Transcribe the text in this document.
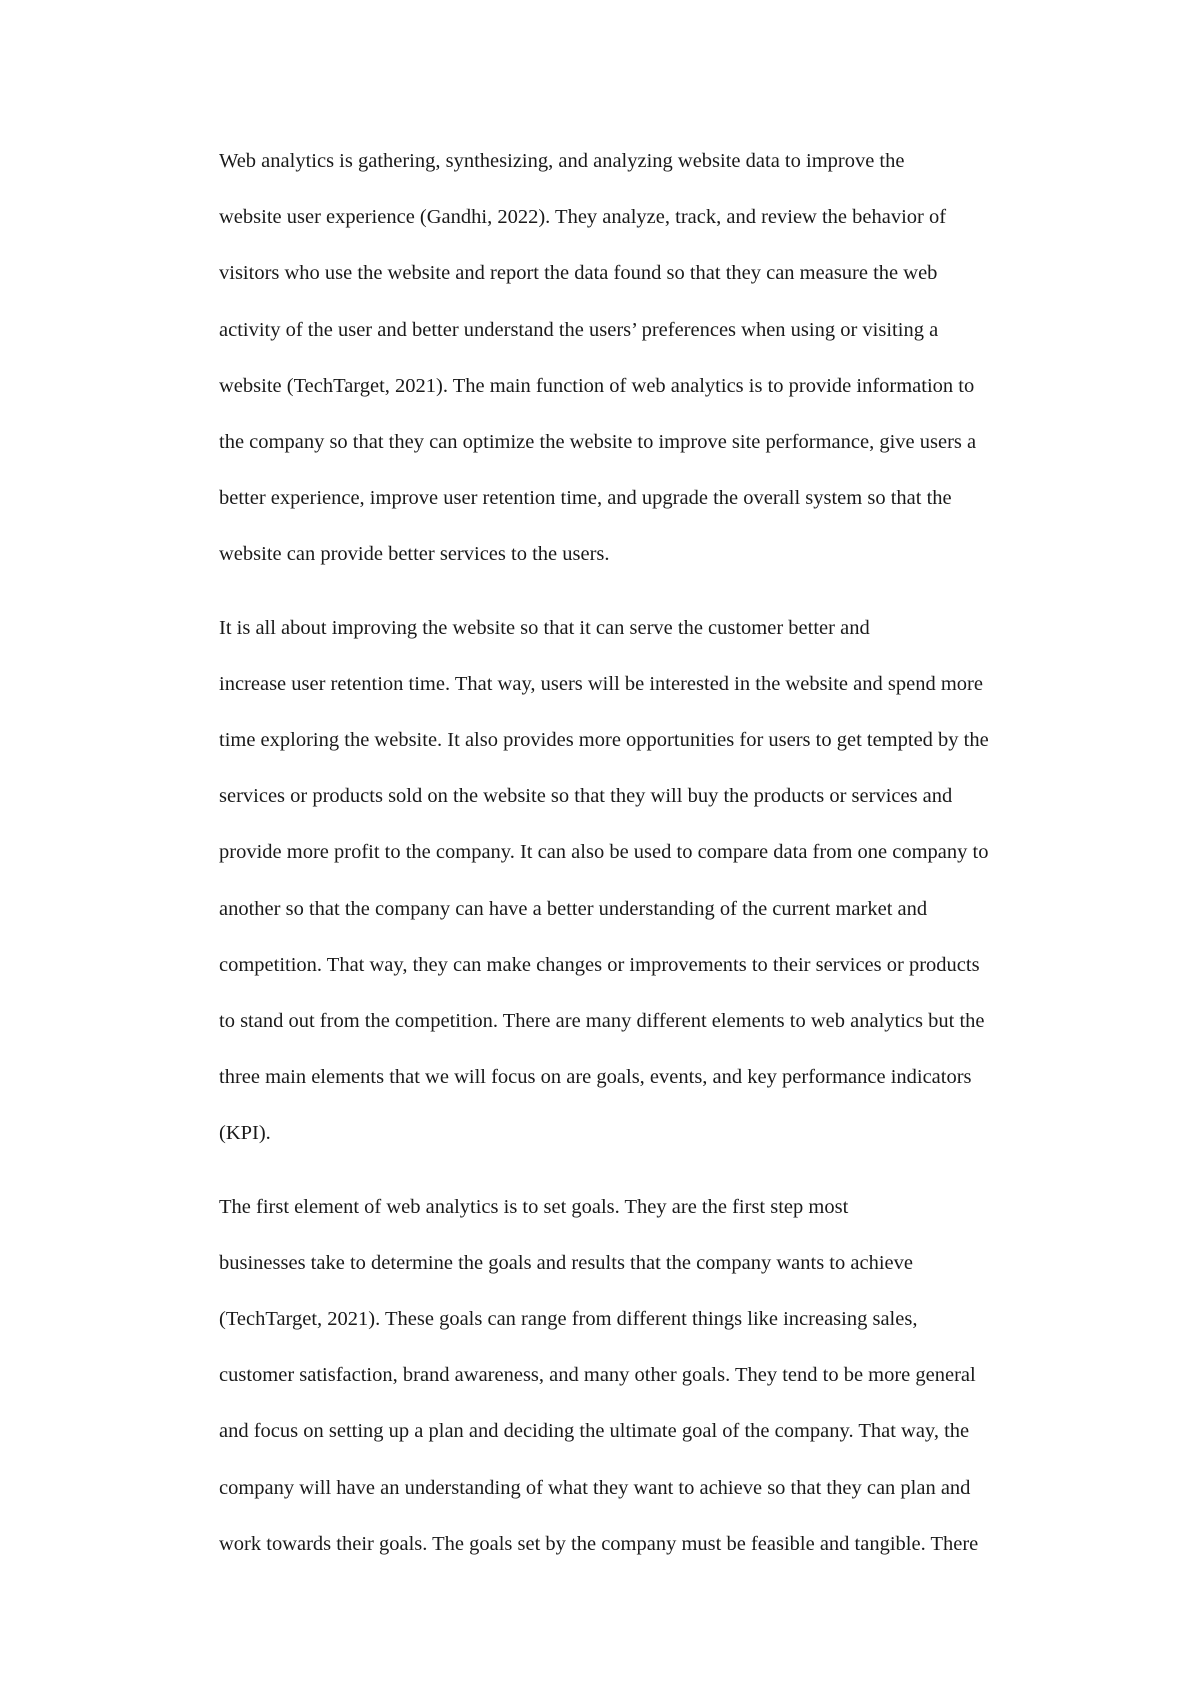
Web analytics is gathering, synthesizing, and analyzing website data to improve the
website user experience (Gandhi, 2022). They analyze, track, and review the behavior of
visitors who use the website and report the data found so that they can measure the web
activity of the user and better understand the users’ preferences when using or visiting a
website (TechTarget, 2021). The main function of web analytics is to provide information to
the company so that they can optimize the website to improve site performance, give users a
better experience, improve user retention time, and upgrade the overall system so that the
website can provide better services to the users.

It is all about improving the website so that it can serve the customer better and
increase user retention time. That way, users will be interested in the website and spend more
time exploring the website. It also provides more opportunities for users to get tempted by the
services or products sold on the website so that they will buy the products or services and
provide more profit to the company. It can also be used to compare data from one company to
another so that the company can have a better understanding of the current market and
competition. That way, they can make changes or improvements to their services or products
to stand out from the competition. There are many different elements to web analytics but the
three main elements that we will focus on are goals, events, and key performance indicators
(KPI).

The first element of web analytics is to set goals. They are the first step most
businesses take to determine the goals and results that the company wants to achieve
(TechTarget, 2021). These goals can range from different things like increasing sales,
customer satisfaction, brand awareness, and many other goals. They tend to be more general
and focus on setting up a plan and deciding the ultimate goal of the company. That way, the
company will have an understanding of what they want to achieve so that they can plan and
work towards their goals. The goals set by the company must be feasible and tangible. There
